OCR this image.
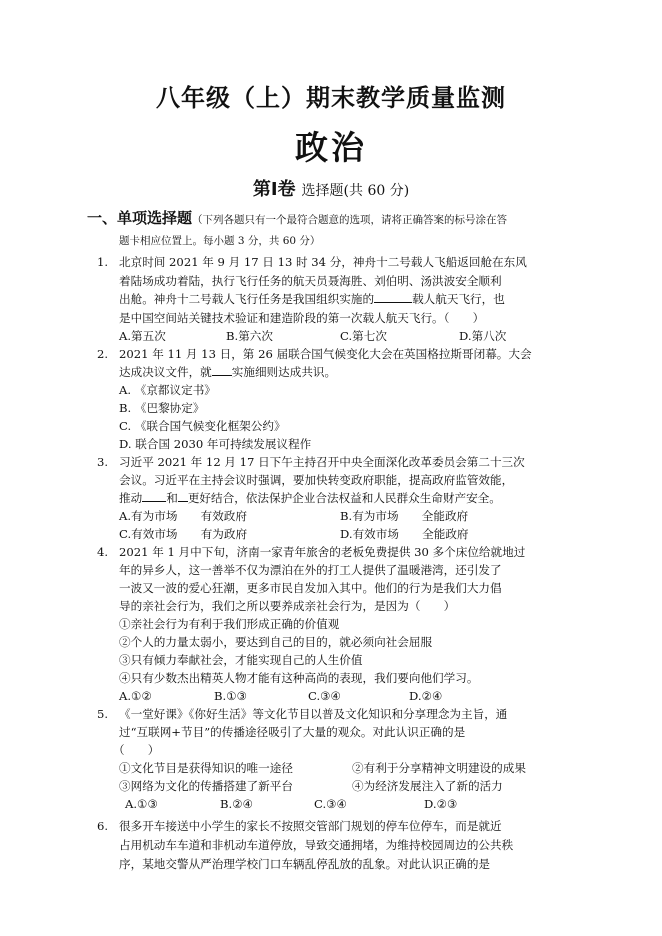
八年级（上）期末教学质量监测
政治
第Ⅰ卷 选择题(共 60 分)
一、单项选择题（下列各题只有一个最符合题意的选项，请将正确答案的标号涂在答
题卡相应位置上。每小题 3 分，共 60 分）
1. 北京时间 2021 年 9 月 17 日 13 时 34 分，神舟十二号载人飞船返回舱在东风
着陆场成功着陆，执行飞行任务的航天员聂海胜、刘伯明、汤洪波安全顺利
出舱。神舟十二号载人飞行任务是我国组织实施的	载人航天飞行，也
是中国空间站关键技术验证和建造阶段的第一次载人航天飞行。（　　）
A.第五次	B.第六次	C.第七次	D.第八次
2. 2021 年 11 月 13 日，第 26 届联合国气候变化大会在英国格拉斯哥闭幕。大会
达成决议文件，就 实施细则达成共识。
A. 《京都议定书》
B. 《巴黎协定》
C. 《联合国气候变化框架公约》
D. 联合国 2030 年可持续发展议程作
3. 习近平 2021 年 12 月 17 日下午主持召开中央全面深化改革委员会第二十三次
会议。习近平在主持会议时强调，要加快转变政府职能，提高政府监管效能，
推动 和 更好结合，依法保护企业合法权益和人民群众生命财产安全。
A.有为市场　　有效政府	B.有为市场　　全能政府
C.有效市场　　有为政府	D.有效市场　　全能政府
4. 2021 年 1 月中下旬，济南一家青年旅舍的老板免费提供 30 多个床位给就地过
年的异乡人，这一善举不仅为漂泊在外的打工人提供了温暖港湾，还引发了
一波又一波的爱心狂潮，更多市民自发加入其中。他们的行为是我们大力倡
导的亲社会行为，我们之所以要养成亲社会行为，是因为（　　）
①亲社会行为有利于我们形成正确的价值观
②个人的力量太弱小，要达到自己的目的，就必须向社会屈服
③只有倾力奉献社会，才能实现自己的人生价值
④只有少数杰出精英人物才能有这种高尚的表现，我们要向他们学习。
A.①②	B.①③	C.③④	D.②④
5. 《一堂好课》《你好生活》等文化节目以普及文化知识和分享理念为主旨，通
过“互联网+节目”的传播途径吸引了大量的观众。对此认识正确的是
（　　）
①文化节目是获得知识的唯一途径	②有利于分享精神文明建设的成果
③网络为文化的传播搭建了新平台	④为经济发展注入了新的活力
A.①③	B.②④	C.③④	D.②③
6. 很多开车接送中小学生的家长不按照交管部门规划的停车位停车，而是就近
占用机动车车道和非机动车道停放，导致交通拥堵，为维持校园周边的公共秩
序，某地交警从严治理学校门口车辆乱停乱放的乱象。对此认识正确的是
